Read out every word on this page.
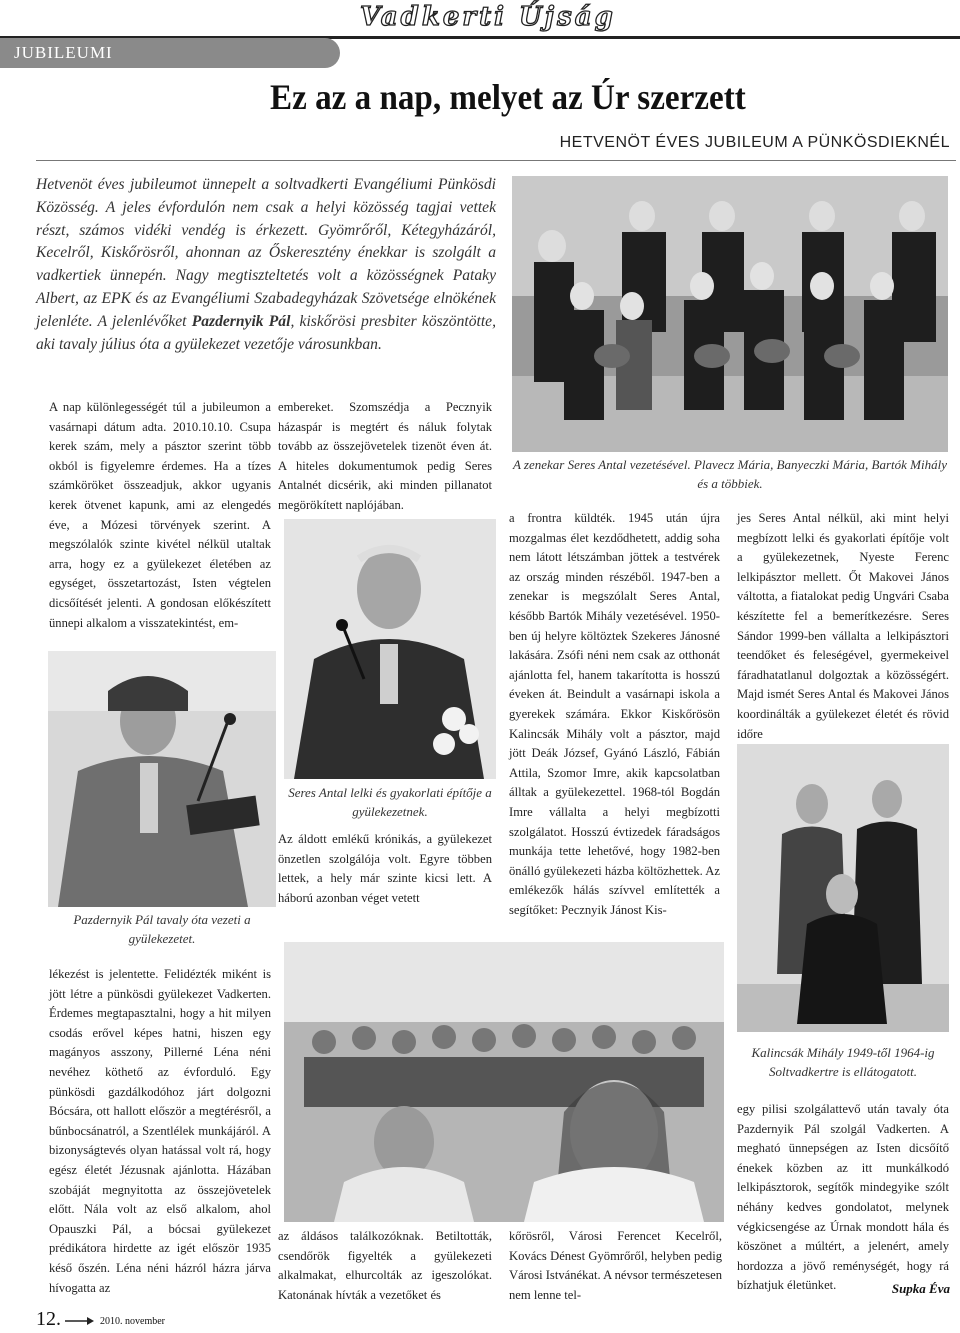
Vadkerti Újság
JUBILEUMI
Ez az a nap, melyet az Úr szerzett
HETVENÖT ÉVES JUBILEUM A PÜNKÖSDIEKNÉL
Hetvenöt éves jubileumot ünnepelt a soltvadkerti Evangéliumi Pünkösdi Közösség. A jeles évfordulón nem csak a helyi közösség tagjai vettek részt, számos vidéki vendég is érkezett. Gyömrőről, Kétegyházáról, Kecelről, Kiskőrösről, ahonnan az Őskeresztény énekkar is szolgált a vadkertiek ünnepén. Nagy megtiszteltetés volt a közösségnek Pataky Albert, az EPK és az Evangéliumi Szabadegyházak Szövetsége elnökének jelenléte. A jelenlévőket Pazdernyik Pál, kiskőrösi presbiter köszöntötte, aki tavaly július óta a gyülekezet vezetője városunkban.
A zenekar Seres Antal vezetésével. Plavecz Mária, Banyeczki Mária, Bartók Mihály és a többiek.

A nap különlegességét túl a jubileumon a vasárnapi dátum adta. 2010.10.10. Csupa kerek szám, mely a pásztor szerint több okból is figyelemre érdemes. Ha a tízes számköröket összeadjuk, akkor ugyanis kerek ötvenet kapunk, ami az elengedés éve, a Mózesi törvények szerint. A megszólalók szinte kivétel nélkül utaltak arra, hogy ez a gyülekezet életében az egységet, összetartozást, Isten végtelen dicsőítését jelenti. A gondosan előkészített ünnepi alkalom a visszatekintést, em-

Pazdernyik Pál tavaly óta vezeti a gyülekezetet.

lékezést is jelentette. Felidézték miként is jött létre a pünkösdi gyülekezet Vadkerten. Érdemes megtapasztalni, hogy a hit milyen csodás erővel képes hatni, hiszen egy magányos asszony, Pillerné Léna néni nevéhez köthető az évforduló. Egy pünkösdi gazdálkodóhoz járt dolgozni Bócsára, ott hallott először a megtérésről, a bűnbocsánatról, a Szentlélek munkájáról. A bizonyságtevés olyan hatással volt rá, hogy egész életét Jézusnak ajánlotta. Házában szobáját megnyitotta az összejövetelek előtt. Nála volt az első alkalom, ahol Opauszki Pál, a bócsai gyülekezet prédikátora hirdette az igét először 1935 késő őszén. Léna néni házról házra járva hívogatta az

embereket. Szomszédja a Pecznyik házaspár is megtért és náluk folytak tovább az összejövetelek tizenöt éven át. A hiteles dokumentumok pedig Seres Antalnét dicsérik, aki minden pillanatot megörökített naplójában.

Seres Antal lelki és gyakorlati építője a gyülekezetnek.

Az áldott emlékű krónikás, a gyülekezet önzetlen szolgálója volt. Egyre többen lettek, a hely már szinte kicsi lett. A háború azonban véget vetett

a frontra küldték. 1945 után újra mozgalmas élet kezdődhetett, addig soha nem látott létszámban jöttek a testvérek az ország minden részéből. 1947-ben a zenekar is megszólalt Seres Antal, később Bartók Mihály vezetésével. 1950-ben új helyre költöztek Szekeres Jánosné lakására. Zsófi néni nem csak az otthonát ajánlotta fel, hanem takarította is hosszú éveken át. Beindult a vasárnapi iskola a gyerekek számára. Ekkor Kiskőrösön Kalincsák Mihály volt a pásztor, majd jött Deák József, Gyánó László, Fábián Attila, Szomor Imre, akik kapcsolatban álltak a gyülekezettel. 1968-tól Bogdán Imre vállalta a helyi megbízotti szolgálatot. Hosszú évtizedek fáradságos munkája tette lehetővé, hogy 1982-ben önálló gyülekezeti házba költözhettek. Az emlékezők hálás szívvel említették a segítőket: Pecznyik Jánost Kis-

jes Seres Antal nélkül, aki mint helyi megbízott lelki és gyakorlati építője volt a gyülekezetnek, Nyeste Ferenc lelkipásztor mellett. Őt Makovei János váltotta, a fiatalokat pedig Ungvári Csaba készítette fel a bemerítkezésre. Seres Sándor 1999-ben vállalta a lelkipásztori teendőket és feleségével, gyermekeivel fáradhatatlanul dolgoztak a közösségért. Majd ismét Seres Antal és Makovei János koordinálták a gyülekezet életét és rövid időre

Kalincsák Mihály 1949-től 1964-ig Soltvadkertre is ellátogatott.

az áldásos találkozóknak. Betiltották, csendőrök figyelték a gyülekezeti alkalmakat, elhurcolták az igeszolókat. Katonának hívták a vezetőket és

kőrösről, Városi Ferencet Kecelről, Kovács Dénest Gyömrőről, helyben pedig Városi Istvánékat. A névsor természetesen nem lenne tel-

egy pilisi szolgálattevő után tavaly óta Pazdernyik Pál szolgál Vadkerten. A megható ünnepségen az Isten dicsőítő énekek közben az itt munkálkodó lelkipásztorok, segítők mindegyike szólt néhány kedves gondolatot, melynek végkicsengése az Úrnak mondott hála és köszönet a múltért, a jelenért, amely hordozza a jövő reménységét, hogy rá bízhatjuk életünket.	Supka Éva
12.	2010. november
